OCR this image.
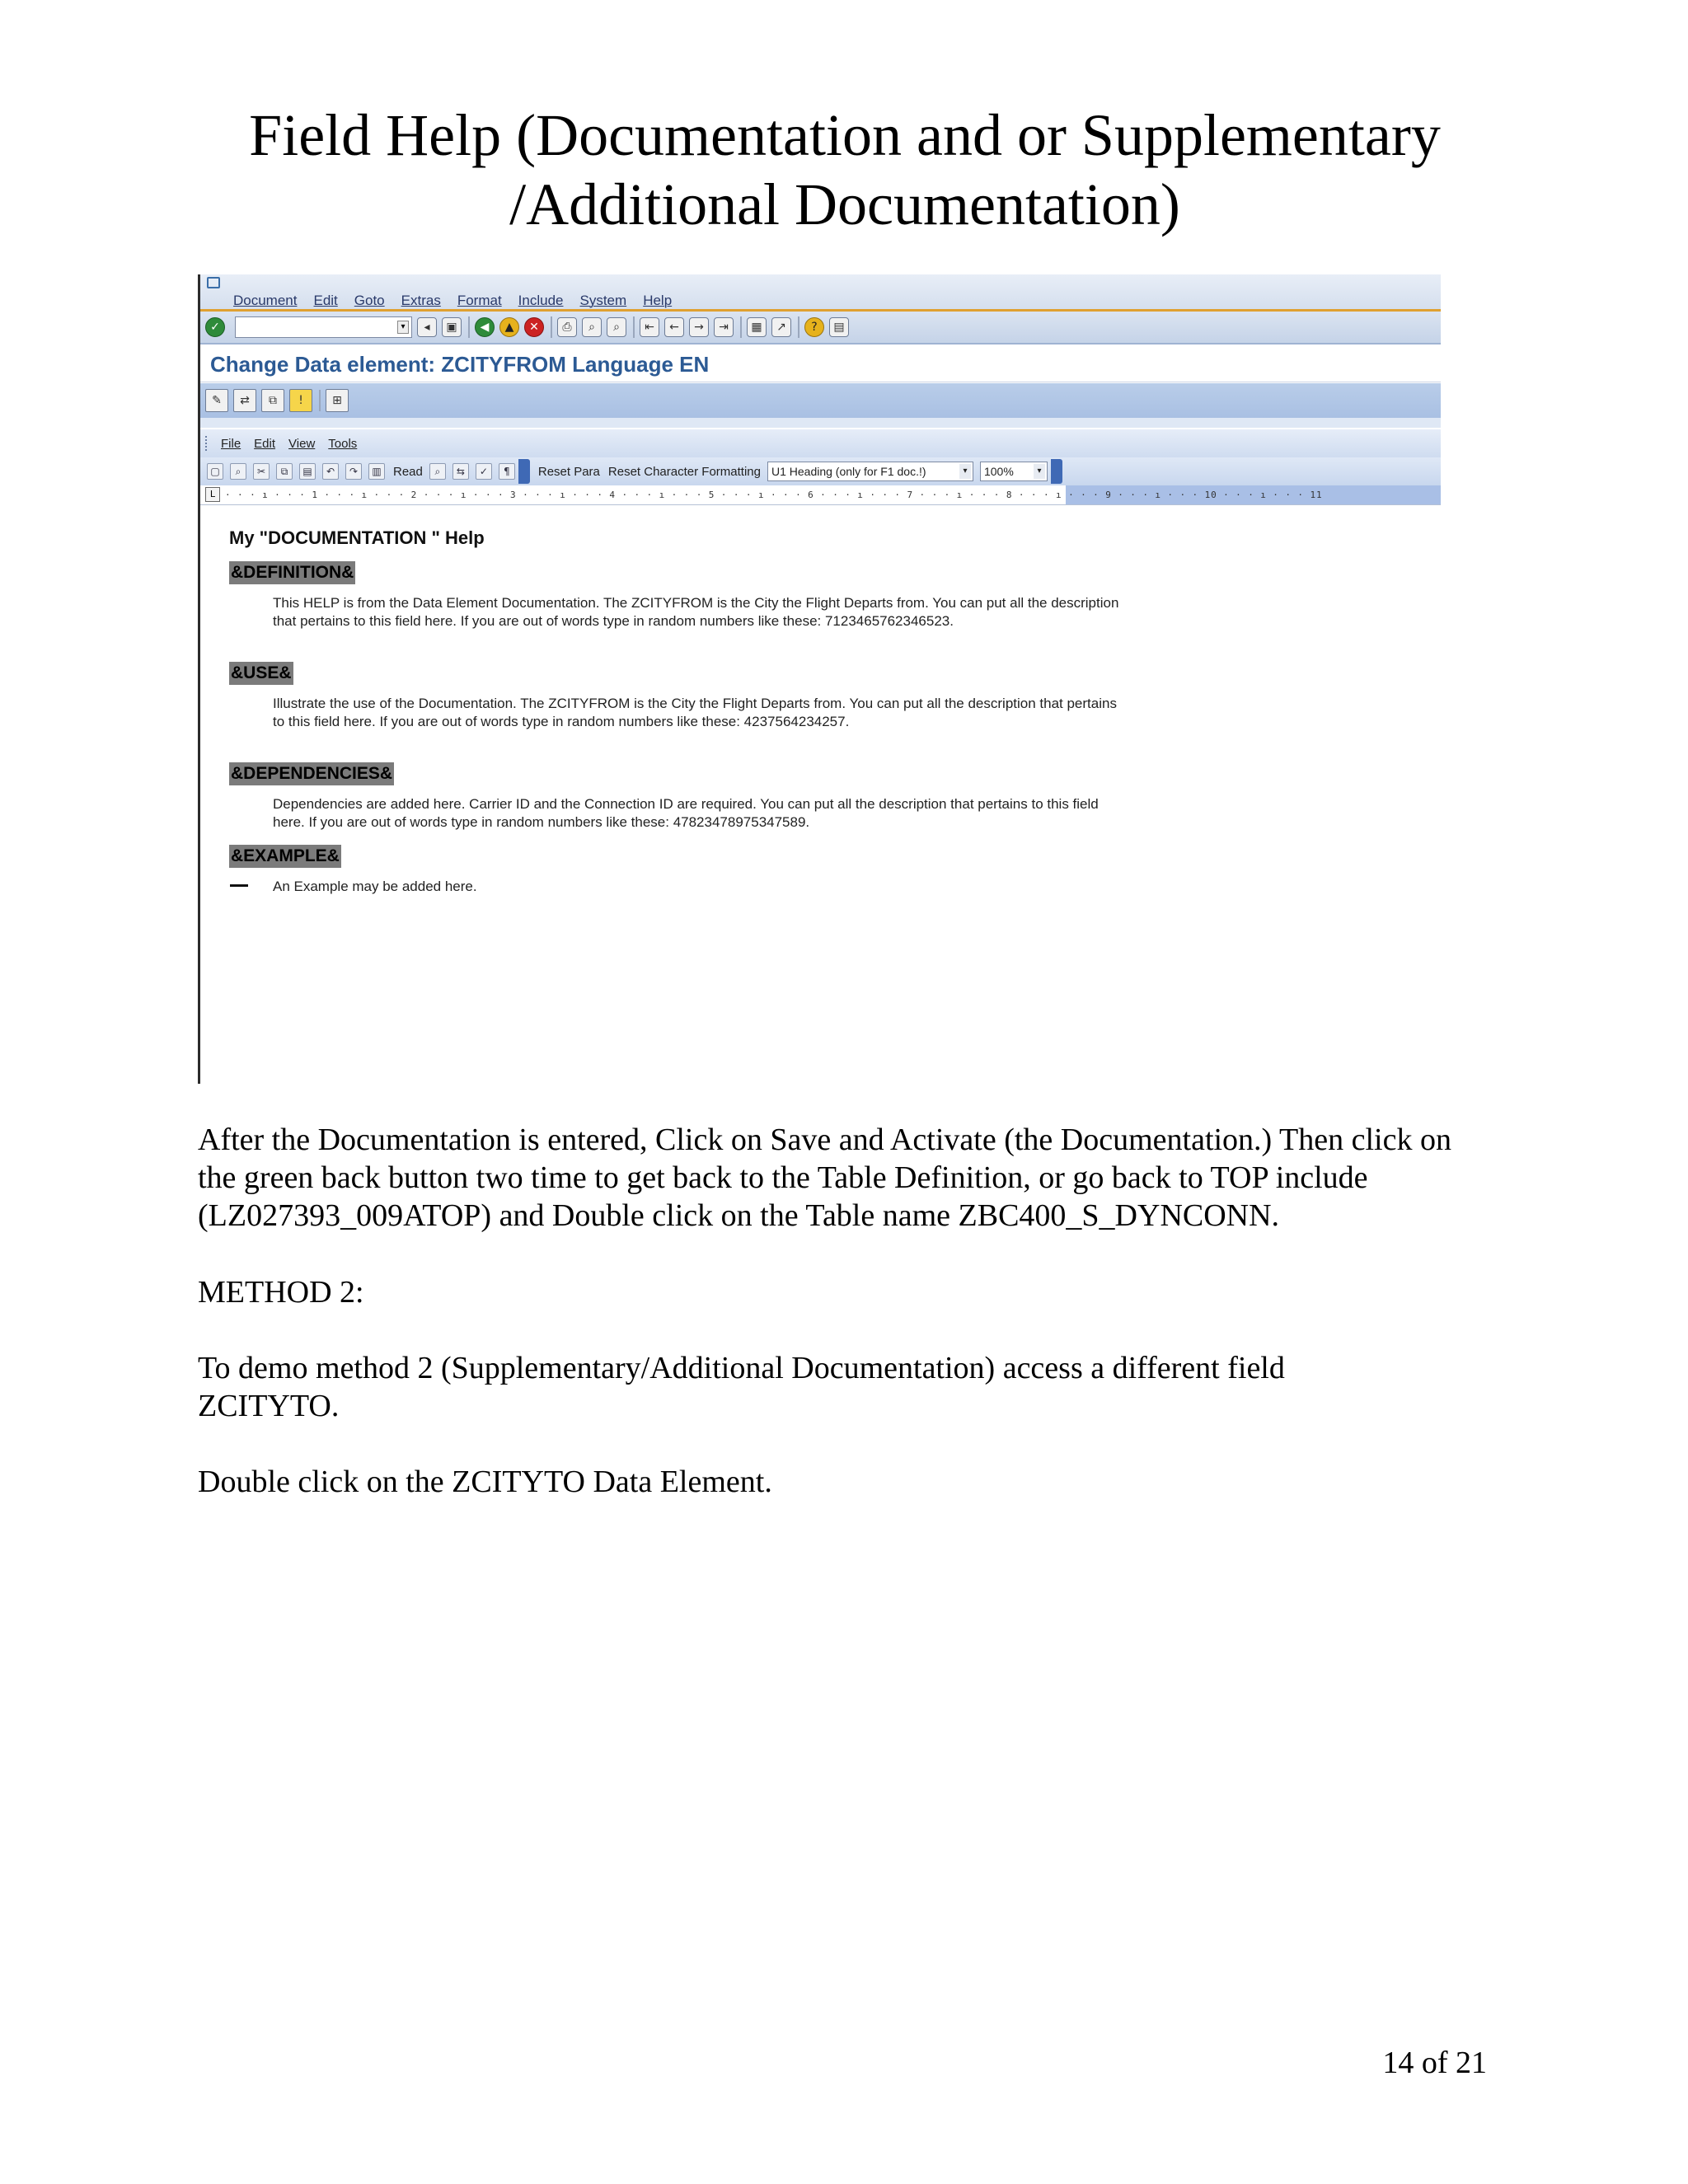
Field Help (Documentation and or Supplementary /Additional Documentation)
Document	Edit	Goto	Extras	Format	Include	System	Help
✓	▾	◂	▣	◀	▲	✕	⎙	⌕	⌕	⇤	←	→	⇥	▦	↗	?	▤
Change Data element: ZCITYFROM Language EN
✎	⇄	⧉	!	⊞
File Edit View Tools
▢	⌕	✂	⧉	▤	↶	↷	▥ Read	⌕	⇆	✓	¶	Reset Para Reset Character Formatting U1 Heading (only for F1 doc.!)	▾	100%	▾
L	· · · ı · · · 1 · · · ı · · · 2 · · · ı · · · 3 · · · ı · · · 4 · · · ı · · · 5 · · · ı · · · 6 · · · ı · · · 7 · · · ı · · · 8 · · · ı · · · 9 · · · ı · · · 10 · · · ı · · · 11
My "DOCUMENTATION " Help
&DEFINITION&
This HELP is from the Data Element Documentation. The ZCITYFROM is the City the Flight Departs from. You can put all the description that pertains to this field here. If you are out of words type in random numbers like these: 7123465762346523.
&USE&
Illustrate the use of the Documentation. The ZCITYFROM is the City the Flight Departs from. You can put all the description that pertains to this field here. If you are out of words type in random numbers like these: 4237564234257.
&DEPENDENCIES&
Dependencies are added here. Carrier ID and the Connection ID are required. You can put all the description that pertains to this field here. If you are out of words type in random numbers like these: 47823478975347589.
&EXAMPLE&
An Example may be added here.
After the Documentation is entered, Click on Save and Activate (the Documentation.) Then click on the green back button two time to get back to the Table Definition, or go back to TOP include (LZ027393_009ATOP) and Double click on the Table name ZBC400_S_DYNCONN.
METHOD 2:
To demo method 2 (Supplementary/Additional Documentation) access a different field ZCITYTO.
Double click on the ZCITYTO Data Element.
14 of 21
